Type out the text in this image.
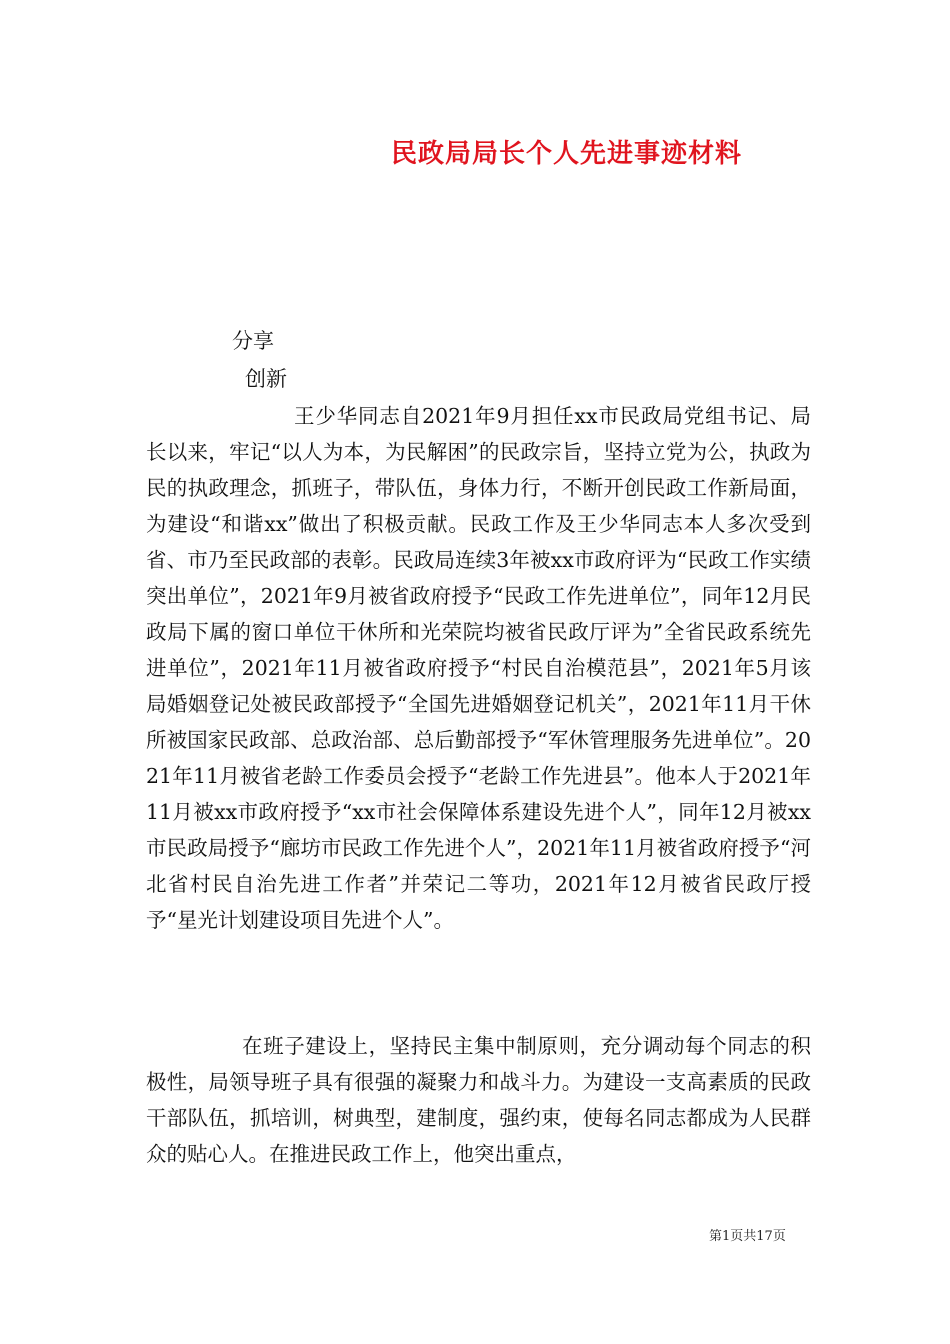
民政局局长个人先进事迹材料

分享

创新

王少华同志自2021年9月担任xx市民政局党组书记、局长以来，牢记“以人为本，为民解困”的民政宗旨，坚持立党为公，执政为民的执政理念，抓班子，带队伍，身体力行，不断开创民政工作新局面，为建设“和谐xx”做出了积极贡献。民政工作及王少华同志本人多次受到省、市乃至民政部的表彰。民政局连续3年被xx市政府评为“民政工作实绩突出单位”，2021年9月被省政府授予“民政工作先进单位”，同年12月民政局下属的窗口单位干休所和光荣院均被省民政厅评为”全省民政系统先进单位”，2021年11月被省政府授予“村民自治模范县”，2021年5月该局婚姻登记处被民政部授予“全国先进婚姻登记机关”，2021年11月干休所被国家民政部、总政治部、总后勤部授予“军休管理服务先进单位”。2021年11月被省老龄工作委员会授予“老龄工作先进县”。他本人于2021年11月被xx市政府授予“xx市社会保障体系建设先进个人”，同年12月被xx市民政局授予“廊坊市民政工作先进个人”，2021年11月被省政府授予“河北省村民自治先进工作者”并荣记二等功，2021年12月被省民政厅授予“星光计划建设项目先进个人”。

在班子建设上，坚持民主集中制原则，充分调动每个同志的积极性，局领导班子具有很强的凝聚力和战斗力。为建设一支高素质的民政干部队伍，抓培训，树典型，建制度，强约束，使每名同志都成为人民群众的贴心人。在推进民政工作上，他突出重点，

第1页共17页
